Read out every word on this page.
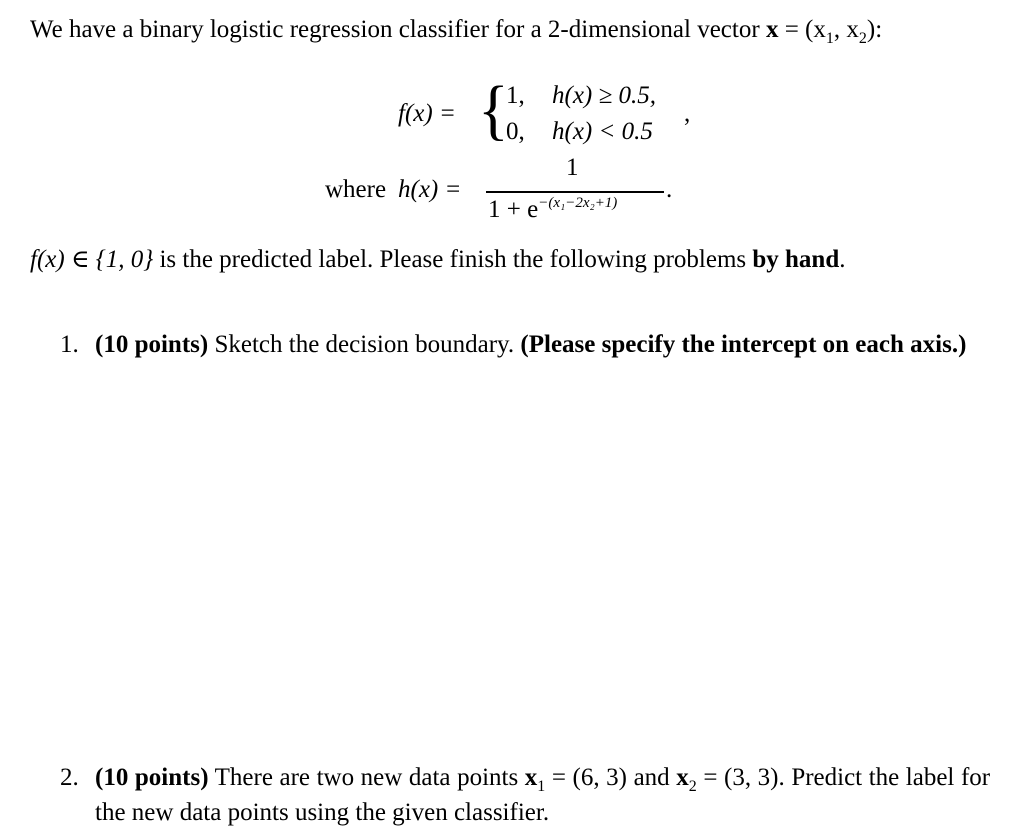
We have a binary logistic regression classifier for a 2-dimensional vector $x = (x_1$, $x_2$):
f(x) = {
1, h(x) ≥ 0.5,
0, h(x) < 0.5
,
where h(x) =
1
$1 + e^{-(x_1-2x_2+1)}$ .
f(x) ∈ {1, 0} is the predicted label. Please finish the following problems by hand.
1. (10 points) Sketch the decision boundary. (Please specify the intercept on each axis.)
2. (10 points) There are two new data points $x_1 = (6$, 3) and $x_2 = (3$, 3). Predict the label for the new data points using the given classifier.
